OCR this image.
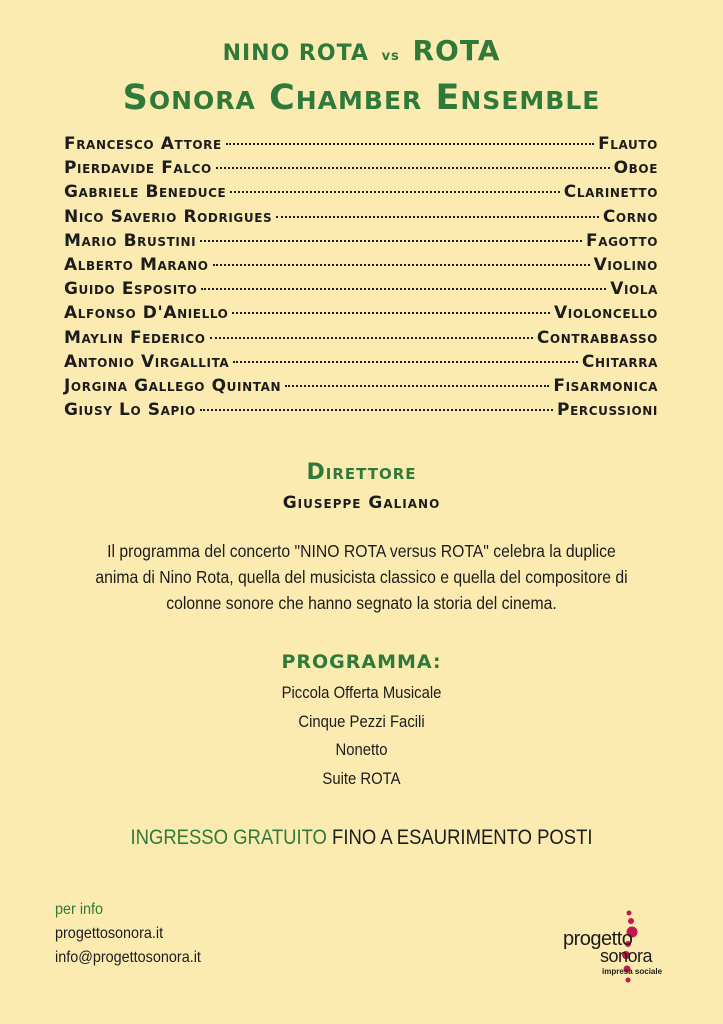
NINO ROTA vs ROTA
Sonora Chamber Ensemble
Francesco Attore	Flauto
Pierdavide Falco	Oboe
Gabriele Beneduce	Clarinetto
Nico Saverio Rodrigues	Corno
Mario Brustini	Fagotto
Alberto Marano	Violino
Guido Esposito	Viola
Alfonso D'Aniello	Violoncello
Maylin Federico	Contrabbasso
Antonio Virgallita	Chitarra
Jorgina Gallego Quintan	Fisarmonica
Giusy Lo Sapio	Percussioni
Direttore
Giuseppe Galiano
Il programma del concerto "NINO ROTA versus ROTA" celebra la duplice anima di Nino Rota, quella del musicista classico e quella del compositore di colonne sonore che hanno segnato la storia del cinema.
PROGRAMMA:
Piccola Offerta Musicale
Cinque Pezzi Facili
Nonetto
Suite ROTA
INGRESSO GRATUITO FINO A ESAURIMENTO POSTI
per info
progettosonora.it
info@progettosonora.it
progetto
sonora
impresa sociale
